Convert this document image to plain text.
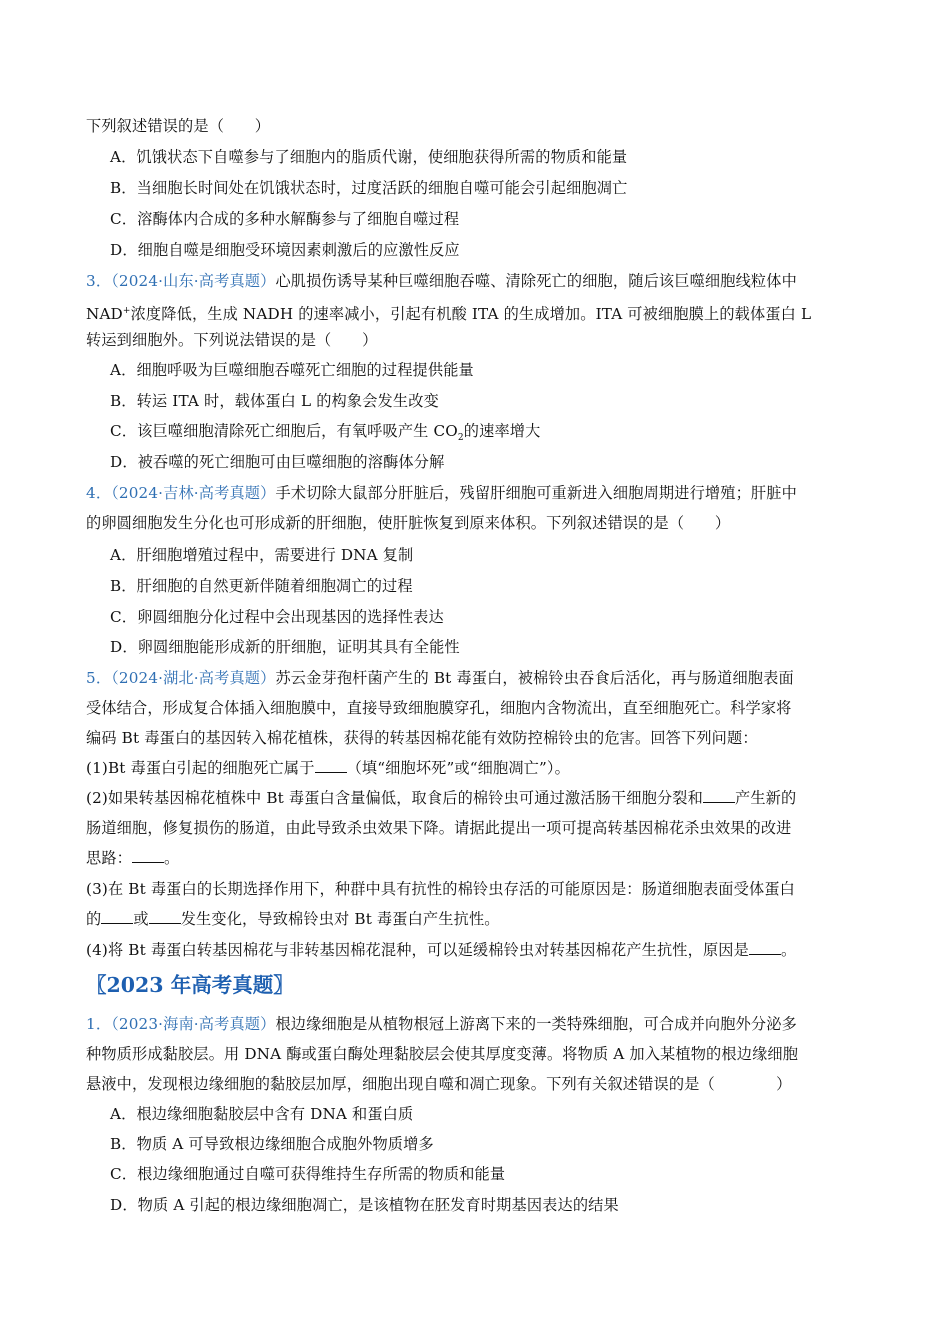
下列叙述错误的是（　　）
A．饥饿状态下自噬参与了细胞内的脂质代谢，使细胞获得所需的物质和能量
B．当细胞长时间处在饥饿状态时，过度活跃的细胞自噬可能会引起细胞凋亡
C．溶酶体内合成的多种水解酶参与了细胞自噬过程
D．细胞自噬是细胞受环境因素刺激后的应激性反应
3．（2024·山东·高考真题）心肌损伤诱导某种巨噬细胞吞噬、清除死亡的细胞，随后该巨噬细胞线粒体中
NAD+浓度降低，生成 NADH 的速率减小，引起有机酸 ITA 的生成增加。ITA 可被细胞膜上的载体蛋白 L
转运到细胞外。下列说法错误的是（　　）
A．细胞呼吸为巨噬细胞吞噬死亡细胞的过程提供能量
B．转运 ITA 时，载体蛋白 L 的构象会发生改变
C．该巨噬细胞清除死亡细胞后，有氧呼吸产生 $CO_2$的速率增大
D．被吞噬的死亡细胞可由巨噬细胞的溶酶体分解
4．（2024·吉林·高考真题）手术切除大鼠部分肝脏后，残留肝细胞可重新进入细胞周期进行增殖；肝脏中
的卵圆细胞发生分化也可形成新的肝细胞，使肝脏恢复到原来体积。下列叙述错误的是（　　）
A．肝细胞增殖过程中，需要进行 DNA 复制
B．肝细胞的自然更新伴随着细胞凋亡的过程
C．卵圆细胞分化过程中会出现基因的选择性表达
D．卵圆细胞能形成新的肝细胞，证明其具有全能性
5．（2024·湖北·高考真题）苏云金芽孢杆菌产生的 Bt 毒蛋白，被棉铃虫吞食后活化，再与肠道细胞表面
受体结合，形成复合体插入细胞膜中，直接导致细胞膜穿孔，细胞内含物流出，直至细胞死亡。科学家将
编码 Bt 毒蛋白的基因转入棉花植株，获得的转基因棉花能有效防控棉铃虫的危害。回答下列问题：
(1)Bt 毒蛋白引起的细胞死亡属于 （填“细胞坏死”或“细胞凋亡”）。
(2)如果转基因棉花植株中 Bt 毒蛋白含量偏低，取食后的棉铃虫可通过激活肠干细胞分裂和 产生新的
肠道细胞，修复损伤的肠道，由此导致杀虫效果下降。请据此提出一项可提高转基因棉花杀虫效果的改进
思路： 。
(3)在 Bt 毒蛋白的长期选择作用下，种群中具有抗性的棉铃虫存活的可能原因是：肠道细胞表面受体蛋白
的 或 发生变化，导致棉铃虫对 Bt 毒蛋白产生抗性。
(4)将 Bt 毒蛋白转基因棉花与非转基因棉花混种，可以延缓棉铃虫对转基因棉花产生抗性，原因是 。
〖2023 年高考真题〗
1．（2023·海南·高考真题）根边缘细胞是从植物根冠上游离下来的一类特殊细胞，可合成并向胞外分泌多
种物质形成黏胶层。用 DNA 酶或蛋白酶处理黏胶层会使其厚度变薄。将物质 A 加入某植物的根边缘细胞
悬液中，发现根边缘细胞的黏胶层加厚，细胞出现自噬和凋亡现象。下列有关叙述错误的是（　　　　）
A．根边缘细胞黏胶层中含有 DNA 和蛋白质
B．物质 A 可导致根边缘细胞合成胞外物质增多
C．根边缘细胞通过自噬可获得维持生存所需的物质和能量
D．物质 A 引起的根边缘细胞凋亡，是该植物在胚发育时期基因表达的结果
